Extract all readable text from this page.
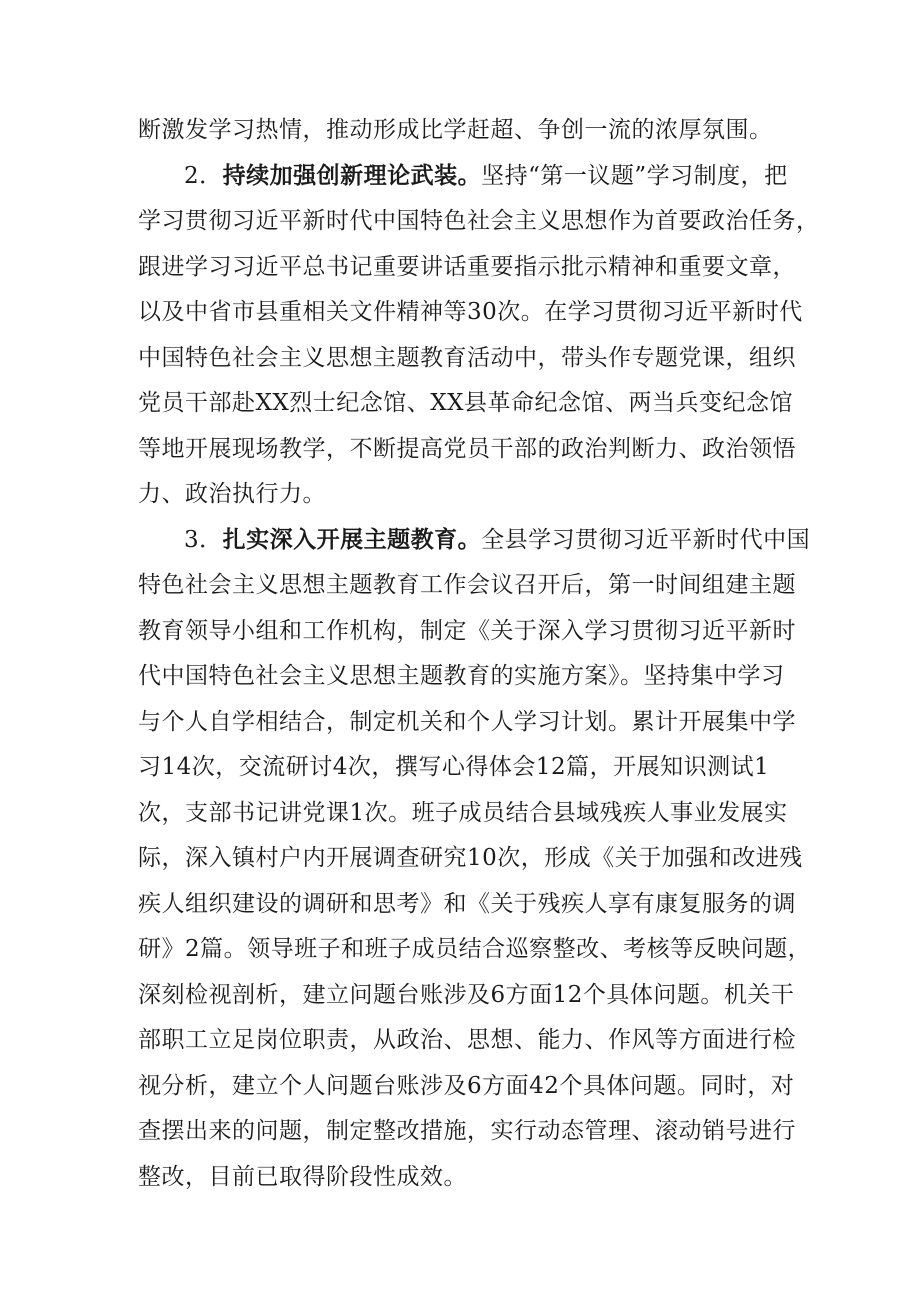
断激发学习热情，推动形成比学赶超、争创一流的浓厚氛围。
2．持续加强创新理论武装。坚持“第一议题”学习制度，把
学习贯彻习近平新时代中国特色社会主义思想作为首要政治任务，
跟进学习习近平总书记重要讲话重要指示批示精神和重要文章，
以及中省市县重相关文件精神等30次。在学习贯彻习近平新时代
中国特色社会主义思想主题教育活动中，带头作专题党课，组织
党员干部赴XX烈士纪念馆、XX县革命纪念馆、两当兵变纪念馆
等地开展现场教学，不断提高党员干部的政治判断力、政治领悟
力、政治执行力。
3．扎实深入开展主题教育。全县学习贯彻习近平新时代中国
特色社会主义思想主题教育工作会议召开后，第一时间组建主题
教育领导小组和工作机构，制定《关于深入学习贯彻习近平新时
代中国特色社会主义思想主题教育的实施方案》。坚持集中学习
与个人自学相结合，制定机关和个人学习计划。累计开展集中学
习14次，交流研讨4次，撰写心得体会12篇，开展知识测试1
次，支部书记讲党课1次。班子成员结合县域残疾人事业发展实
际，深入镇村户内开展调查研究10次，形成《关于加强和改进残
疾人组织建设的调研和思考》和《关于残疾人享有康复服务的调
研》2篇。领导班子和班子成员结合巡察整改、考核等反映问题，
深刻检视剖析，建立问题台账涉及6方面12个具体问题。机关干
部职工立足岗位职责，从政治、思想、能力、作风等方面进行检
视分析，建立个人问题台账涉及6方面42个具体问题。同时，对
查摆出来的问题，制定整改措施，实行动态管理、滚动销号进行
整改，目前已取得阶段性成效。
